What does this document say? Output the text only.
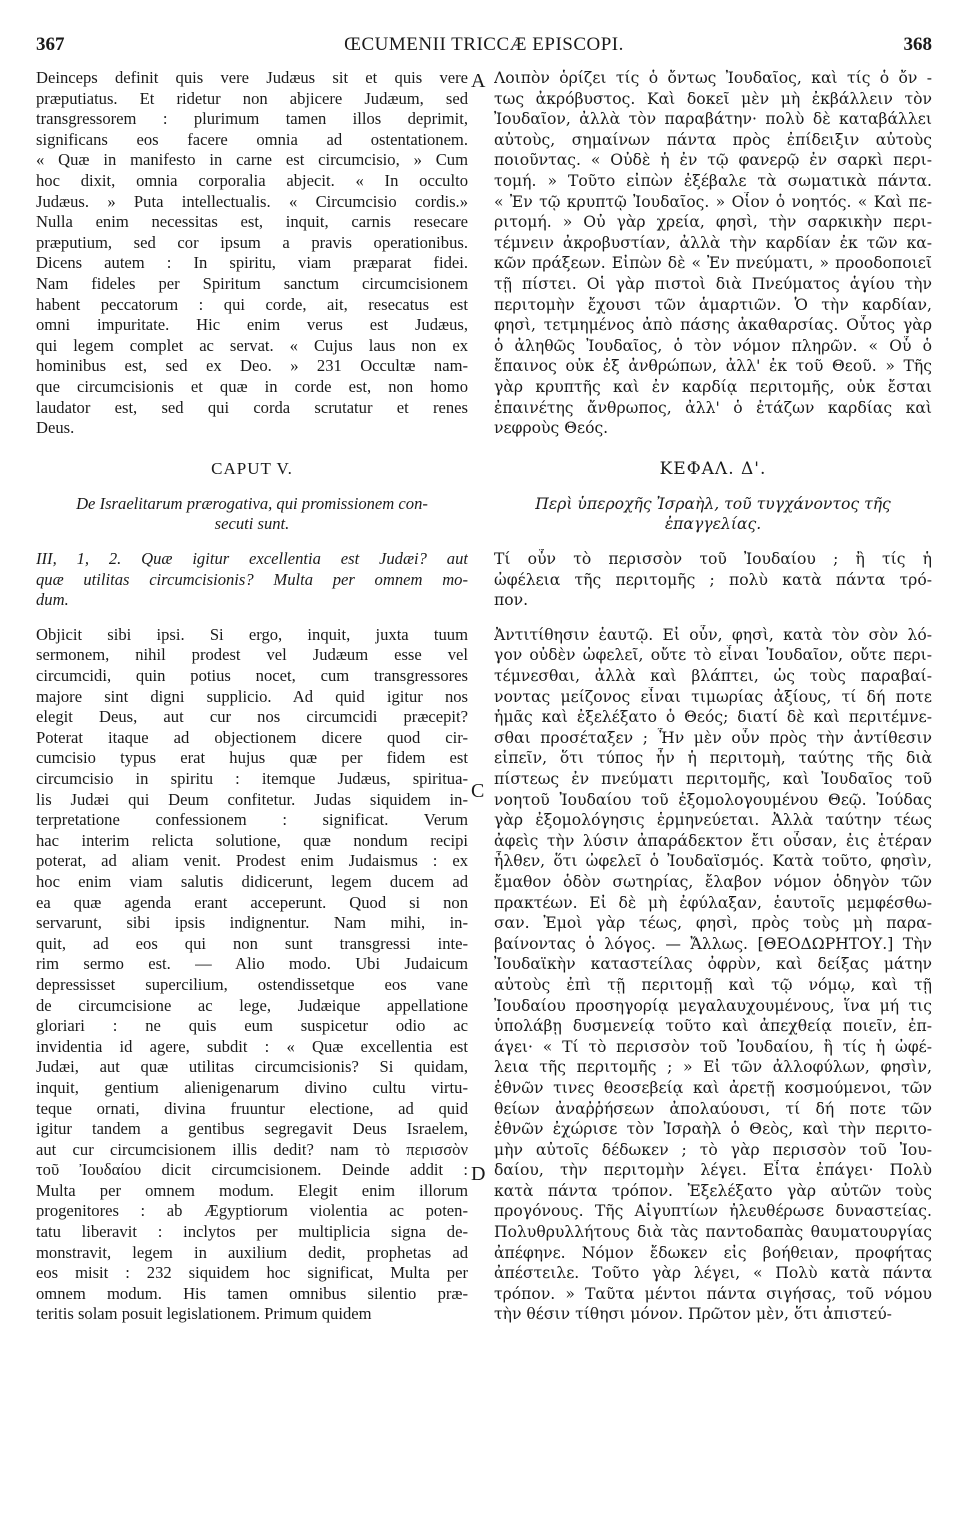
367	ŒCUMENII TRICCÆ EPISCOPI.	368
Deinceps definit quis vere Judæus sit et quis vere
præputiatus. Et ridetur non abjicere Judæum, sed
transgressorem : plurimum tamen illos deprimit,
significans eos facere omnia ad ostentationem.
« Quæ in manifesto in carne est circumcisio, » Cum
hoc dixit, omnia corporalia abjecit. « In occulto
Judæus. » Puta intellectualis. « Circumcisio cordis.»
Nulla enim necessitas est, inquit, carnis resecare
præputium, sed cor ipsum a pravis operationibus.
Dicens autem : In spiritu, viam præparat fidei.
Nam fideles per Spiritum sanctum circumcisionem
habent peccatorum : qui corde, ait, resecatus est
omni impuritate. Hic enim verus est Judæus,
qui legem complet ac servat. « Cujus laus non ex
hominibus est, sed ex Deo. » 231 Occultæ nam-
que circumcisionis et quæ in corde est, non homo
laudator est, sed qui corda scrutatur et renes
Deus.
CAPUT V.
De Israelitarum prærogativa, qui promissionem con-
secuti sunt.
III, 1, 2. Quæ igitur excellentia est Judæi? aut
quæ utilitas circumcisionis? Multa per omnem mo-
dum.
Objicit sibi ipsi. Si ergo, inquit, juxta tuum
sermonem, nihil prodest vel Judæum esse vel
circumcidi, quin potius nocet, cum transgressores
majore sint digni supplicio. Ad quid igitur nos
elegit Deus, aut cur nos circumcidi præcepit?
Poterat itaque ad objectionem dicere quod cir-
cumcisio typus erat hujus quæ per fidem est
circumcisio in spiritu : itemque Judæus, spiritua-
lis Judæi qui Deum confitetur. Judas siquidem in-
terpretatione confessionem : significat. Verum
hac interim relicta solutione, quæ nondum recipi
poterat, ad aliam venit. Prodest enim Judaismus : ex
hoc enim viam salutis didicerunt, legem ducem ad
ea quæ agenda erant acceperunt. Quod si non
servarunt, sibi ipsis indignentur. Nam mihi, in-
quit, ad eos qui non sunt transgressi inte-
rim sermo est. — Alio modo. Ubi Judaicum
depressisset supercilium, ostendissetque eos vane
de circumcisione ac lege, Judæique appellatione
gloriari : ne quis eum suspicetur odio ac
invidentia id agere, subdit : « Quæ excellentia est
Judæi, aut quæ utilitas circumcisionis? Si quidam,
inquit, gentium alienigenarum divino cultu virtu-
teque ornati, divina fruuntur electione, ad quid
igitur tandem a gentibus segregavit Deus Israelem,
aut cur circumcisionem illis dedit? nam τὸ περισσὸν
τοῦ Ἰουδαίου dicit circumcisionem. Deinde addit :
Multa per omnem modum. Elegit enim illorum
progenitores : ab Ægyptiorum violentia ac poten-
tatu liberavit : inclytos per multiplicia signa de-
monstravit, legem in auxilium dedit, prophetas ad
eos misit : 232 siquidem hoc significat, Multa per
omnem modum. His tamen omnibus silentio præ-
teritis solam posuit legislationem. Primum quidem
Λοιπὸν ὁρίζει τίς ὁ ὄντως Ἰουδαῖος, καὶ τίς ὁ ὄν -
τως ἀκρόβυστος. Καὶ δοκεῖ μὲν μὴ ἐκβάλλειν τὸν
Ἰουδαῖον, ἀλλὰ τὸν παραβάτην· πολὺ δὲ καταβάλλει
αὐτοὺς, σημαίνων πάντα πρὸς ἐπίδειξιν αὐτοὺς
ποιοῦντας. « Οὐδὲ ἡ ἐν τῷ φανερῷ ἐν σαρκὶ περι-
τομή. » Τοῦτο εἰπὼν ἐξέβαλε τὰ σωματικὰ πάντα.
« Ἐν τῷ κρυπτῷ Ἰουδαῖος. » Οἷον ὁ νοητός. « Καὶ πε-
ριτομή. » Οὐ γὰρ χρεία, φησὶ, τὴν σαρκικὴν περι-
τέμνειν ἀκροβυστίαν, ἀλλὰ τὴν καρδίαν ἐκ τῶν κα-
κῶν πράξεων. Εἰπὼν δὲ « Ἐν πνεύματι, » προοδοποιεῖ
τῇ πίστει. Οἱ γὰρ πιστοὶ διὰ Πνεύματος ἁγίου τὴν
περιτομὴν ἔχουσι τῶν ἁμαρτιῶν. Ὁ τὴν καρδίαν,
φησὶ, τετμημένος ἀπὸ πάσης ἀκαθαρσίας. Οὗτος γὰρ
ὁ ἀληθῶς Ἰουδαῖος, ὁ τὸν νόμον πληρῶν. « Οὗ ὁ
ἔπαινος οὐκ ἐξ ἀνθρώπων, ἀλλ' ἐκ τοῦ Θεοῦ. » Τῆς
γὰρ κρυπτῆς καὶ ἐν καρδίᾳ περιτομῆς, οὐκ ἔσται
ἐπαινέτης ἄνθρωπος, ἀλλ' ὁ ἐτάζων καρδίας καὶ
νεφροὺς Θεός.
ΚΕΦΑΛ. Δ'.
Περὶ ὑπεροχῆς Ἰσραὴλ, τοῦ τυγχάνοντος τῆς
ἐπαγγελίας.
Τί οὖν τὸ περισσὸν τοῦ Ἰουδαίου ; ἢ τίς ἡ
ὠφέλεια τῆς περιτομῆς ; πολὺ κατὰ πάντα τρό-
πον.
Ἀντιτίθησιν ἑαυτῷ. Εἰ οὖν, φησὶ, κατὰ τὸν σὸν λό-
γον οὐδὲν ὠφελεῖ, οὔτε τὸ εἶναι Ἰουδαῖον, οὔτε περι-
τέμνεσθαι, ἀλλὰ καὶ βλάπτει, ὡς τοὺς παραβαί-
νοντας μείζονος εἶναι τιμωρίας ἀξίους, τί δή ποτε
ἡμᾶς καὶ ἐξελέξατο ὁ Θεός; διατί δὲ καὶ περιτέμνε-
σθαι προσέταξεν ; Ἦν μὲν οὖν πρὸς τὴν ἀντίθεσιν
εἰπεῖν, ὅτι τύπος ἦν ἡ περιτομὴ, ταύτης τῆς διὰ
πίστεως ἐν πνεύματι περιτομῆς, καὶ Ἰουδαῖος τοῦ
νοητοῦ Ἰουδαίου τοῦ ἐξομολογουμένου Θεῷ. Ἰούδας
γὰρ ἐξομολόγησις ἑρμηνεύεται. Ἀλλὰ ταύτην τέως
ἀφεὶς τὴν λύσιν ἀπαράδεκτον ἔτι οὖσαν, ἐις ἑτέραν
ἦλθεν, ὅτι ὠφελεῖ ὁ Ἰουδαϊσμός. Κατὰ τοῦτο, φησὶν,
ἔμαθον ὁδὸν σωτηρίας, ἔλαβον νόμον ὁδηγὸν τῶν
πρακτέων. Εἰ δὲ μὴ ἐφύλαξαν, ἑαυτοῖς μεμφέσθω-
σαν. Ἐμοὶ γὰρ τέως, φησὶ, πρὸς τοὺς μὴ παρα-
βαίνοντας ὁ λόγος. — Ἄλλως. [ΘΕΟΔΩΡΗΤΟΥ.] Τὴν
Ἰουδαϊκὴν καταστείλας ὀφρὺν, καὶ δείξας μάτην
αὐτοὺς ἐπὶ τῇ περιτομῇ καὶ τῷ νόμῳ, καὶ τῇ
Ἰουδαίου προσηγορίᾳ μεγαλαυχουμένους, ἵνα μή τις
ὑπολάβῃ δυσμενείᾳ τοῦτο καὶ ἀπεχθείᾳ ποιεῖν, ἐπ-
άγει· « Τί τὸ περισσὸν τοῦ Ἰουδαίου, ἢ τίς ἡ ὠφέ-
λεια τῆς περιτομῆς ; » Εἰ τῶν ἀλλοφύλων, φησὶν,
ἐθνῶν τινες θεοσεβείᾳ καὶ ἀρετῇ κοσμούμενοι, τῶν
θείων ἀναῤῥήσεων ἀπολαύουσι, τί δή ποτε τῶν
ἐθνῶν ἐχώρισε τὸν Ἰσραὴλ ὁ Θεὸς, καὶ τὴν περιτο-
μὴν αὐτοῖς δέδωκεν ; τὸ γὰρ περισσὸν τοῦ Ἰου-
δαίου, τὴν περιτομὴν λέγει. Εἶτα ἐπάγει· Πολὺ
κατὰ πάντα τρόπον. Ἐξελέξατο γὰρ αὐτῶν τοὺς
προγόνους. Τῆς Αἰγυπτίων ἠλευθέρωσε δυναστείας.
Πολυθρυλλήτους διὰ τὰς παντοδαπὰς θαυματουργίας
ἀπέφηνε. Νόμον ἔδωκεν εἰς βοήθειαν, προφήτας
ἀπέστειλε. Τοῦτο γὰρ λέγει, « Πολὺ κατὰ πάντα
τρόπον. » Ταῦτα μέντοι πάντα σιγήσας, τοῦ νόμου
τὴν θέσιν τίθησι μόνον. Πρῶτον μὲν, ὅτι ἀπιστεύ-
A
C
D
